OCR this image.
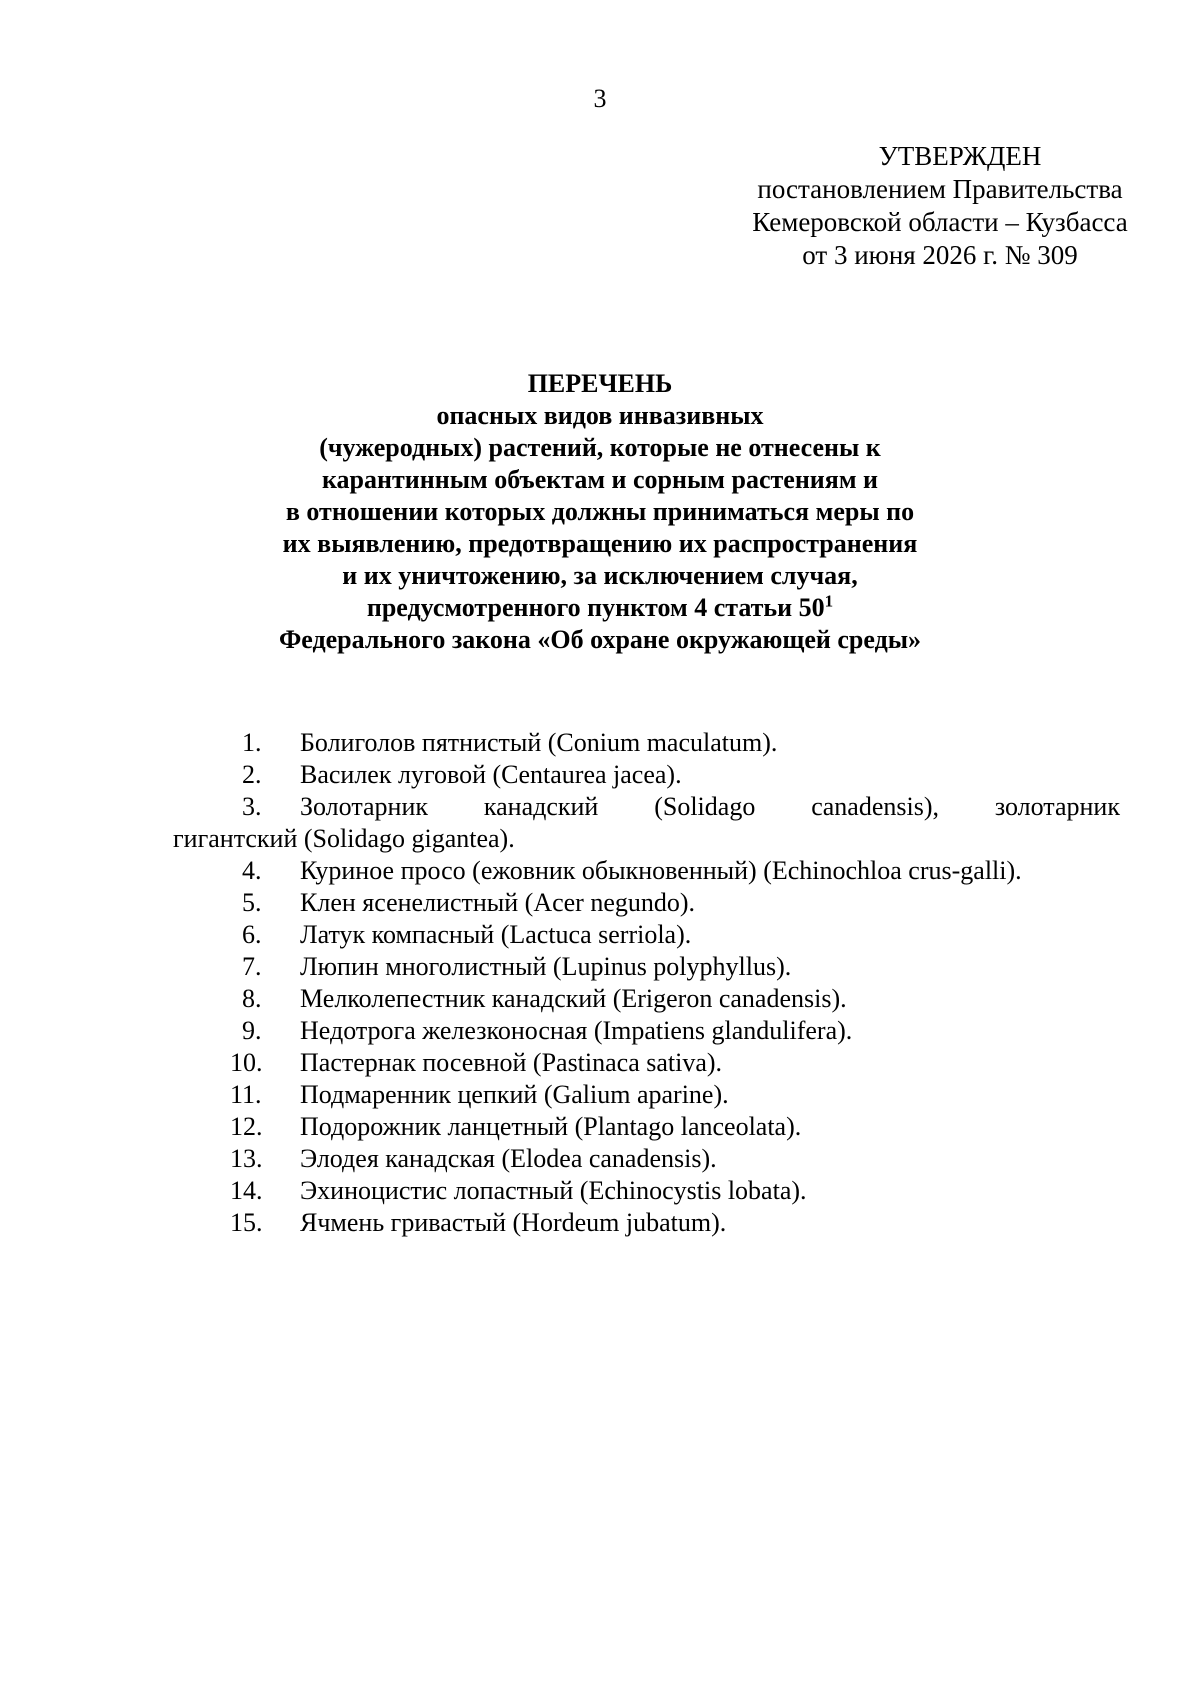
3
УТВЕРЖДЕН
постановлением Правительства
Кемеровской области – Кузбасса
от 3 июня 2026 г. № 309
ПЕРЕЧЕНЬ
опасных видов инвазивных
(чужеродных) растений, которые не отнесены к
карантинным объектам и сорным растениям и
в отношении которых должны приниматься меры по
их выявлению, предотвращению их распространения
и их уничтожению, за исключением случая,
предусмотренного пунктом 4 статьи $50^1$
Федерального закона «Об охране окружающей среды»
1. Болиголов пятнистый (Conium maculatum).
2. Василек луговой (Centaurea jacea).
3. Золотарник канадский (Solidago canadensis), золотарник
гигантский (Solidago gigantea).
4. Куриное просо (ежовник обыкновенный) (Echinochloa crus-galli).
5. Клен ясенелистный (Acer negundo).
6. Латук компасный (Lactuca serriola).
7. Люпин многолистный (Lupinus polyphyllus).
8. Мелколепестник канадский (Erigeron canadensis).
9. Недотрога железконосная (Impatiens glandulifera).
10. Пастернак посевной (Pastinaca sativa).
11. Подмаренник цепкий (Galium aparine).
12. Подорожник ланцетный (Plantago lanceolata).
13. Элодея канадская (Elodea canadensis).
14. Эхиноцистис лопастный (Echinocystis lobata).
15. Ячмень гривастый (Hordeum jubatum).
